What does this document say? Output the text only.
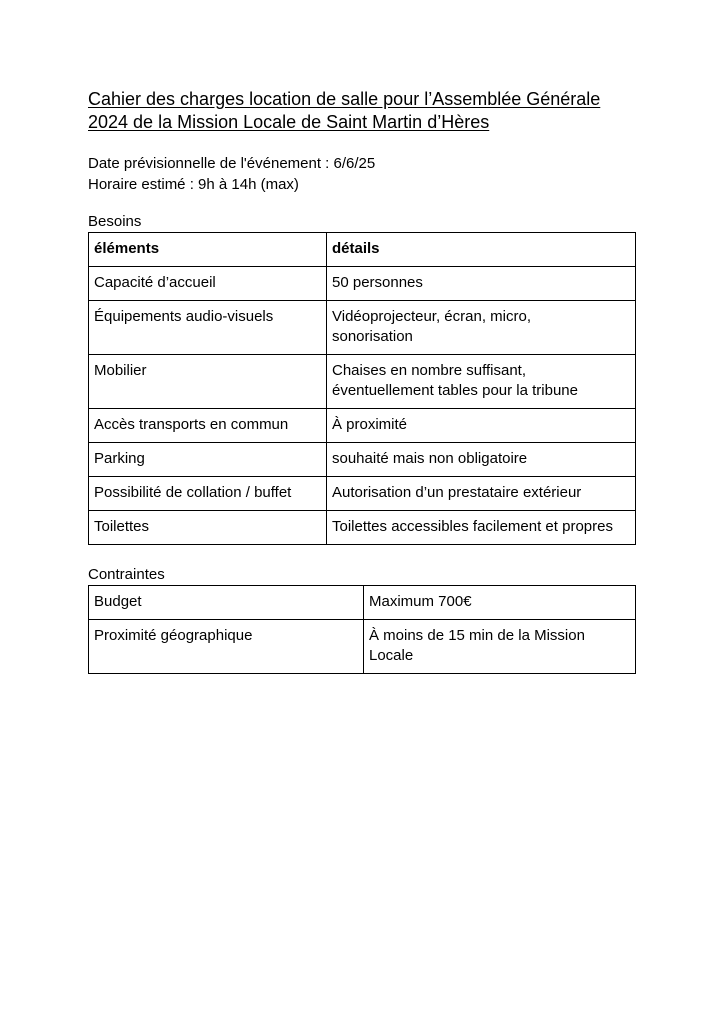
Cahier des charges location de salle pour l’Assemblée Générale
2024 de la Mission Locale de Saint Martin d’Hères
Date prévisionnelle de l'événement : 6/6/25
Horaire estimé : 9h à 14h (max)
Besoins
éléments	détails
Capacité d’accueil	50 personnes
Équipements audio-visuels	Vidéoprojecteur, écran, micro,
sonorisation

Mobilier	Chaises en nombre suffisant,
éventuellement tables pour la tribune

Accès transports en commun	À proximité
Parking	souhaité mais non obligatoire
Possibilité de collation / buffet	Autorisation d’un prestataire extérieur
Toilettes	Toilettes accessibles facilement et propres
Contraintes
Budget	Maximum 700€
Proximité géographique	À moins de 15 min de la Mission
Locale
